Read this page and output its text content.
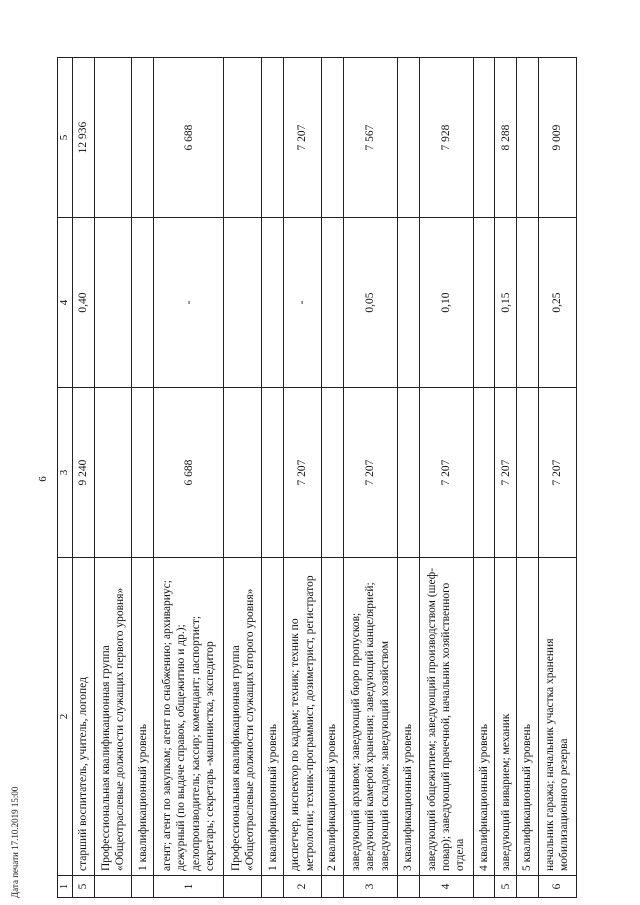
6
1	2	3	4	5
5	старший воспитатель, учитель, логопед	9 240	0,40	12 936
	Профессиональная квалификационная группа «Общеотраслевые должности служащих первого уровня»			
	1 квалификационный уровень			
1	агент; агент по закупкам; агент по снабжению; архивариус; дежурный (по выдаче справок, общежитию и др.); делопроизводитель; кассир; комендант; паспортист; секретарь; секретарь -машинистка, экспедитор	6 688	-	6 688
	Профессиональная квалификационная группа «Общеотраслевые должности служащих второго уровня»			
	1 квалификационный уровень			
2	диспетчер, инспектор по кадрам; техник; техник по метрологии; техник-программист, дозиметрист, регистратор	7 207	-	7 207
	2 квалификационный уровень			
3	заведующий архивом; заведующий бюро пропусков; заведующий камерой хранения; заведующий канцелярией; заведующий складом; заведующий хозяйством	7 207	0,05	7 567
	3 квалификационный уровень			
4	заведующий общежитием; заведующий производством (шеф-повар); заведующий прачечной, начальник хозяйственного отдела	7 207	0,10	7 928
	4 квалификационный уровень			
5	заведующий виварием; механик	7 207	0,15	8 288
	5 квалификационный уровень			
6	начальник гаража; начальник участка хранения мобилизационного резерва	7 207	0,25	9 009
Дата печати 17.10.2019 15:00
